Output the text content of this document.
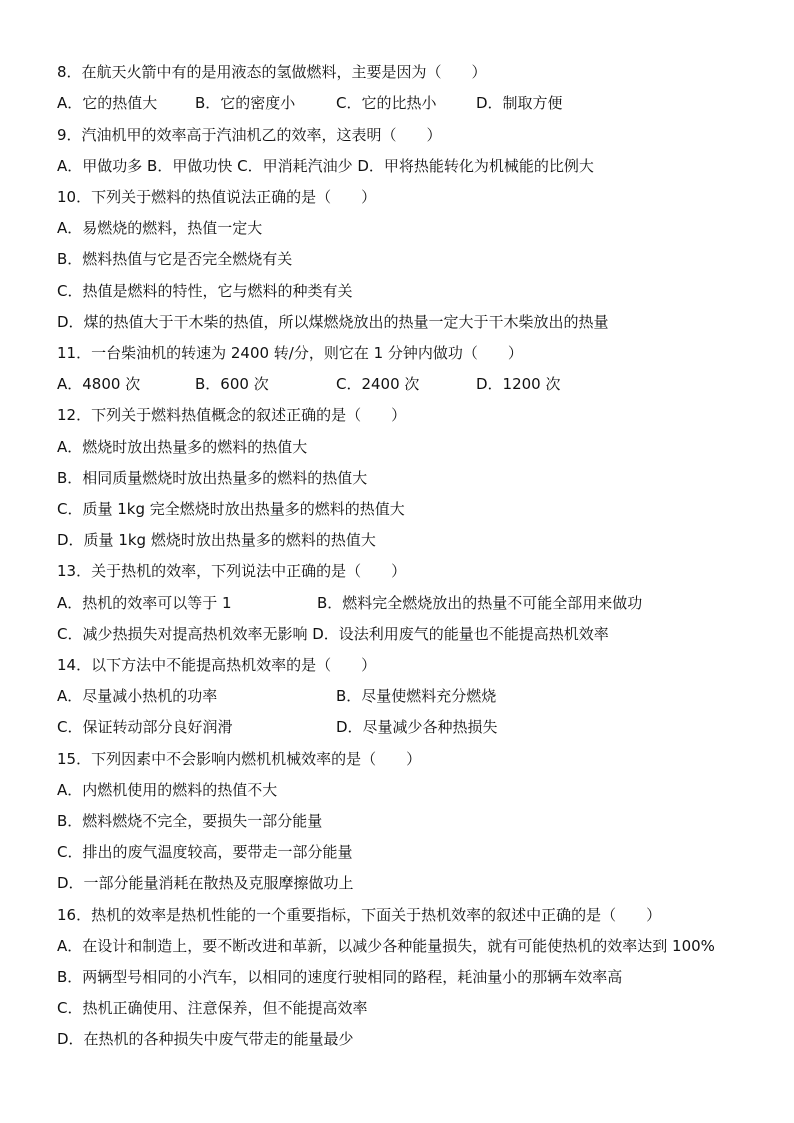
8．在航天火箭中有的是用液态的氢做燃料，主要是因为（　　）
A．它的热值大	B．它的密度小	C．它的比热小	D．制取方便
9．汽油机甲的效率高于汽油机乙的效率，这表明（　　）
A．甲做功多 B．甲做功快 C．甲消耗汽油少 D．甲将热能转化为机械能的比例大
10．下列关于燃料的热值说法正确的是（　　）
A．易燃烧的燃料，热值一定大
B．燃料热值与它是否完全燃烧有关
C．热值是燃料的特性，它与燃料的种类有关
D．煤的热值大于干木柴的热值，所以煤燃烧放出的热量一定大于干木柴放出的热量
11．一台柴油机的转速为 2400 转/分，则它在 1 分钟内做功（　　）
A．4800 次	B．600 次	C．2400 次	D．1200 次
12．下列关于燃料热值概念的叙述正确的是（　　）
A．燃烧时放出热量多的燃料的热值大
B．相同质量燃烧时放出热量多的燃料的热值大
C．质量 1kg 完全燃烧时放出热量多的燃料的热值大
D．质量 1kg 燃烧时放出热量多的燃料的热值大
13．关于热机的效率，下列说法中正确的是（　　）
A．热机的效率可以等于 1	B．燃料完全燃烧放出的热量不可能全部用来做功
C．减少热损失对提高热机效率无影响 D．设法利用废气的能量也不能提高热机效率
14．以下方法中不能提高热机效率的是（　　）
A．尽量减小热机的功率	B．尽量使燃料充分燃烧
C．保证转动部分良好润滑	D．尽量减少各种热损失
15．下列因素中不会影响内燃机机械效率的是（　　）
A．内燃机使用的燃料的热值不大
B．燃料燃烧不完全，要损失一部分能量
C．排出的废气温度较高，要带走一部分能量
D．一部分能量消耗在散热及克服摩擦做功上
16．热机的效率是热机性能的一个重要指标，下面关于热机效率的叙述中正确的是（　　）
A．在设计和制造上，要不断改进和革新，以减少各种能量损失，就有可能使热机的效率达到 100%
B．两辆型号相同的小汽车，以相同的速度行驶相同的路程，耗油量小的那辆车效率高
C．热机正确使用、注意保养，但不能提高效率
D．在热机的各种损失中废气带走的能量最少
